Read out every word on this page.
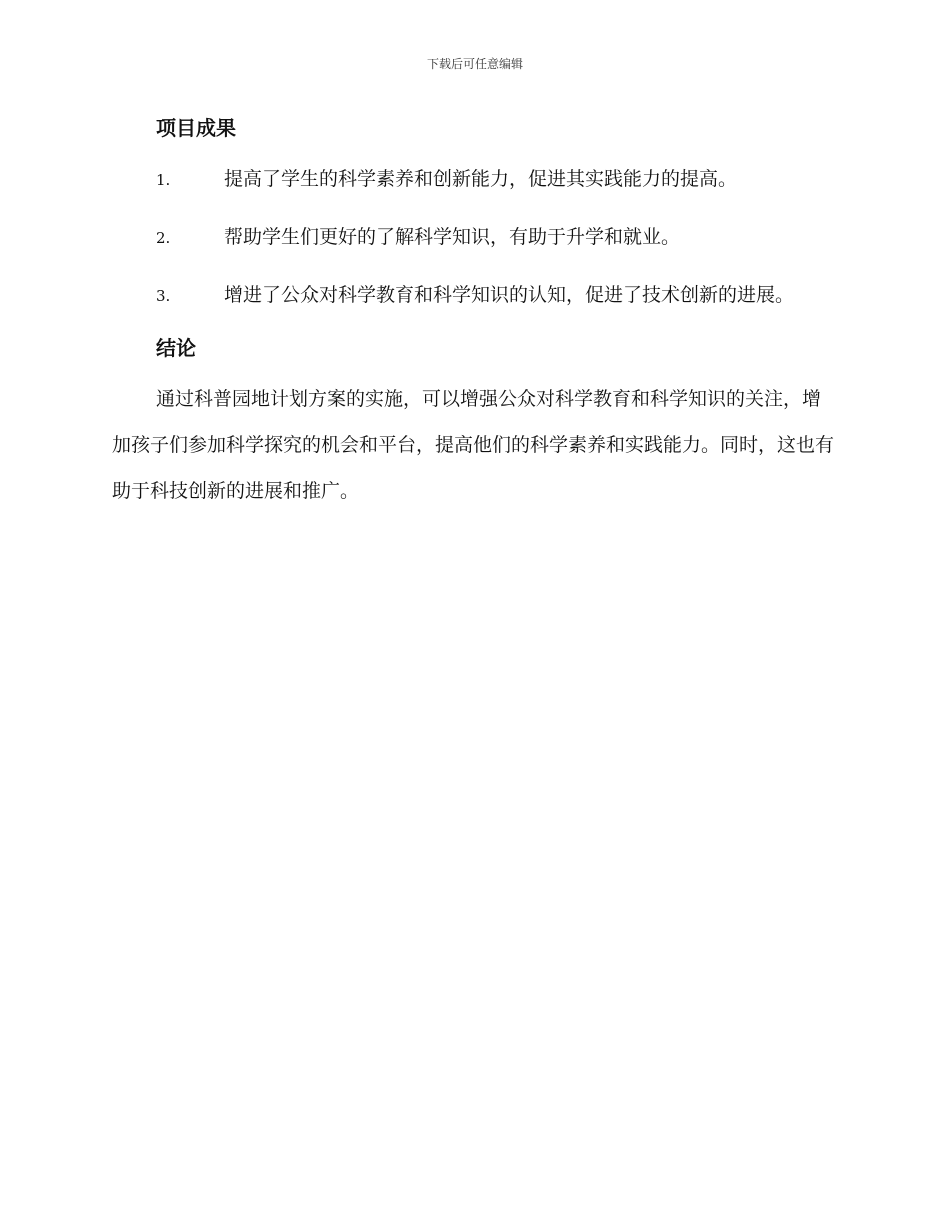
下载后可任意编辑
项目成果
1.	提高了学生的科学素养和创新能力，促进其实践能力的提高。
2.	帮助学生们更好的了解科学知识，有助于升学和就业。
3.	增进了公众对科学教育和科学知识的认知，促进了技术创新的进展。
结论

通过科普园地计划方案的实施，可以增强公众对科学教育和科学知识的关注，增加孩子们参加科学探究的机会和平台，提高他们的科学素养和实践能力。同时，这也有助于科技创新的进展和推广。
